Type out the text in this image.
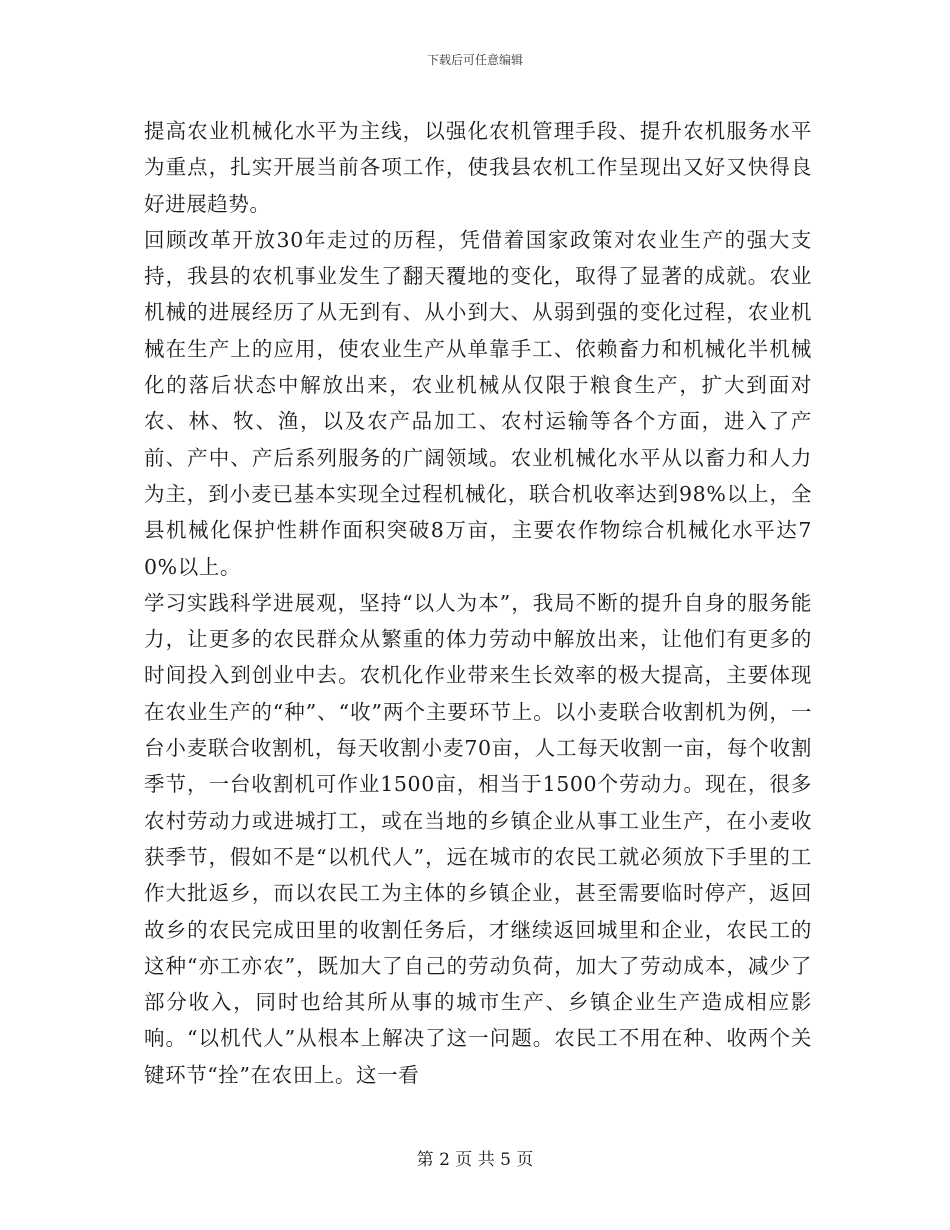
下载后可任意编辑

提高农业机械化水平为主线，以强化农机管理手段、提升农机服务水平为重点，扎实开展当前各项工作，使我县农机工作呈现出又好又快得良好进展趋势。

回顾改革开放30年走过的历程，凭借着国家政策对农业生产的强大支持，我县的农机事业发生了翻天覆地的变化，取得了显著的成就。农业机械的进展经历了从无到有、从小到大、从弱到强的变化过程，农业机械在生产上的应用，使农业生产从单靠手工、依赖畜力和机械化半机械化的落后状态中解放出来，农业机械从仅限于粮食生产，扩大到面对农、林、牧、渔，以及农产品加工、农村运输等各个方面，进入了产前、产中、产后系列服务的广阔领域。农业机械化水平从以畜力和人力为主，到小麦已基本实现全过程机械化，联合机收率达到98%以上，全县机械化保护性耕作面积突破8万亩，主要农作物综合机械化水平达70%以上。

学习实践科学进展观，坚持“以人为本”，我局不断的提升自身的服务能力，让更多的农民群众从繁重的体力劳动中解放出来，让他们有更多的时间投入到创业中去。农机化作业带来生长效率的极大提高，主要体现在农业生产的“种”、“收”两个主要环节上。以小麦联合收割机为例，一台小麦联合收割机，每天收割小麦70亩，人工每天收割一亩，每个收割季节，一台收割机可作业1500亩，相当于1500个劳动力。现在，很多农村劳动力或进城打工，或在当地的乡镇企业从事工业生产，在小麦收获季节，假如不是“以机代人”，远在城市的农民工就必须放下手里的工作大批返乡，而以农民工为主体的乡镇企业，甚至需要临时停产，返回故乡的农民完成田里的收割任务后，才继续返回城里和企业，农民工的这种“亦工亦农”，既加大了自己的劳动负荷，加大了劳动成本，减少了部分收入，同时也给其所从事的城市生产、乡镇企业生产造成相应影响。“以机代人”从根本上解决了这一问题。农民工不用在种、收两个关键环节“拴”在农田上。这一看

第 2 页 共 5 页
